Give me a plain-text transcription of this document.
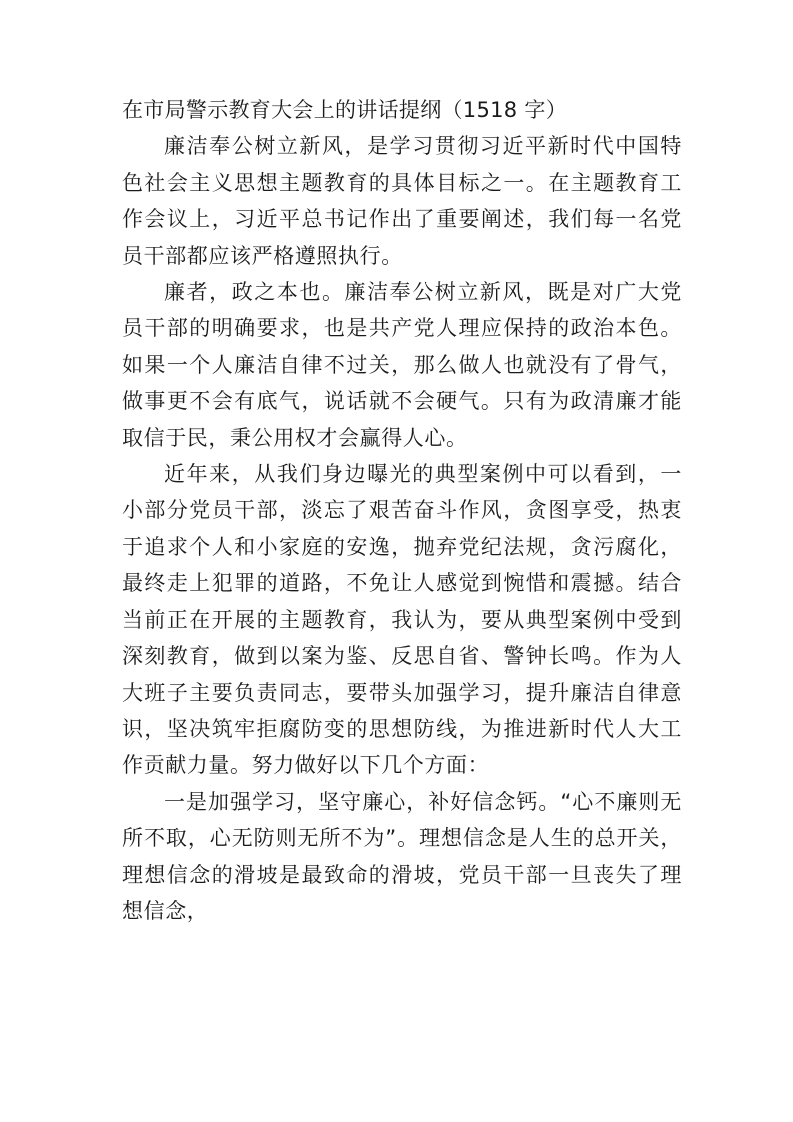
在市局警示教育大会上的讲话提纲（1518 字）

廉洁奉公树立新风，是学习贯彻习近平新时代中国特色社会主义思想主题教育的具体目标之一。在主题教育工作会议上，习近平总书记作出了重要阐述，我们每一名党员干部都应该严格遵照执行。

廉者，政之本也。廉洁奉公树立新风，既是对广大党员干部的明确要求，也是共产党人理应保持的政治本色。如果一个人廉洁自律不过关，那么做人也就没有了骨气，做事更不会有底气，说话就不会硬气。只有为政清廉才能取信于民，秉公用权才会赢得人心。

近年来，从我们身边曝光的典型案例中可以看到，一小部分党员干部，淡忘了艰苦奋斗作风，贪图享受，热衷于追求个人和小家庭的安逸，抛弃党纪法规，贪污腐化，最终走上犯罪的道路，不免让人感觉到惋惜和震撼。结合当前正在开展的主题教育，我认为，要从典型案例中受到深刻教育，做到以案为鉴、反思自省、警钟长鸣。作为人大班子主要负责同志，要带头加强学习，提升廉洁自律意识，坚决筑牢拒腐防变的思想防线，为推进新时代人大工作贡献力量。努力做好以下几个方面：

一是加强学习，坚守廉心，补好信念钙。“心不廉则无所不取，心无防则无所不为”。理想信念是人生的总开关，理想信念的滑坡是最致命的滑坡，党员干部一旦丧失了理想信念，
